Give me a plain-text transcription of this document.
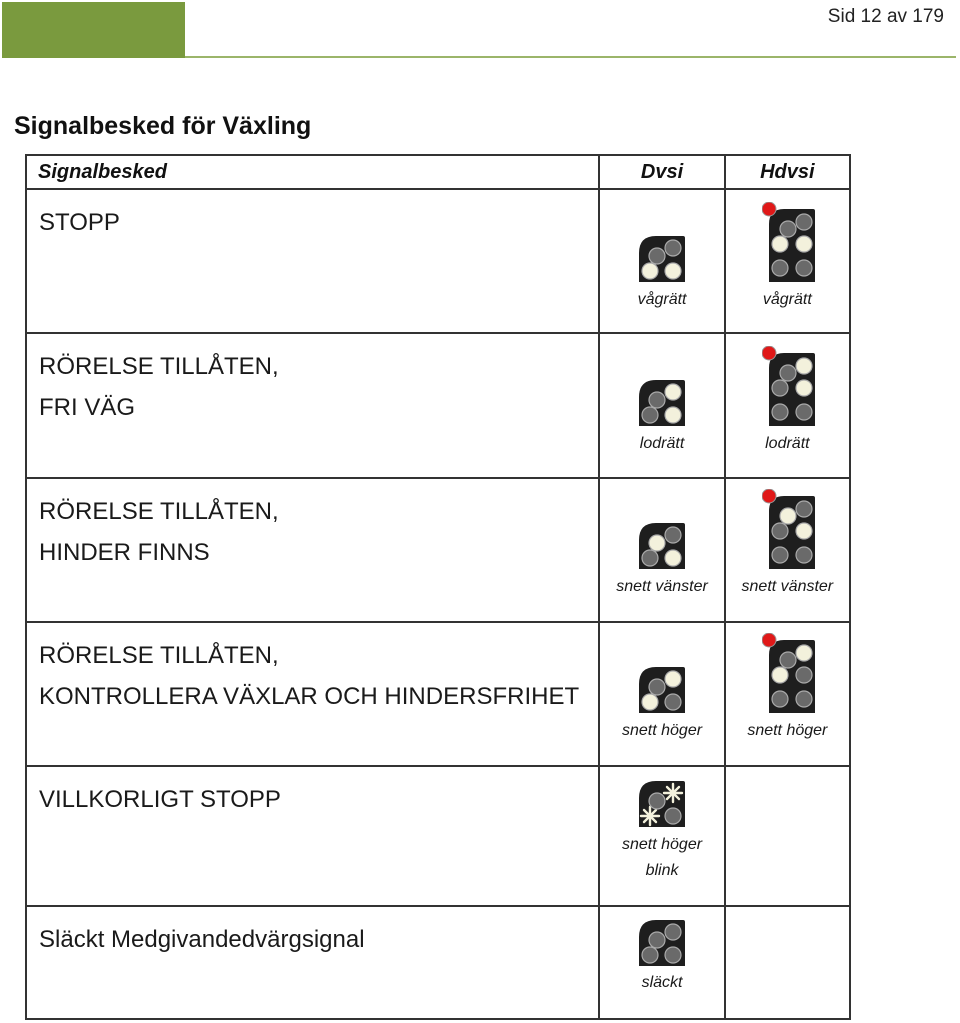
Sid 12 av 179
Signalbesked för Växling
Signalbesked	Dvsi	Hdvsi

STOPP	vågrätt	vågrätt

RÖRELSE TILLÅTEN,
FRI VÄG	lodrätt	lodrätt

RÖRELSE TILLÅTEN,
HINDER FINNS	snett vänster	snett vänster

RÖRELSE TILLÅTEN,
KONTROLLERA VÄXLAR OCH HINDERSFRIHET	snett höger	snett höger

VILLKORLIGT STOPP	snett höger
blink	

Släckt Medgivandedvärgsignal	släckt	
